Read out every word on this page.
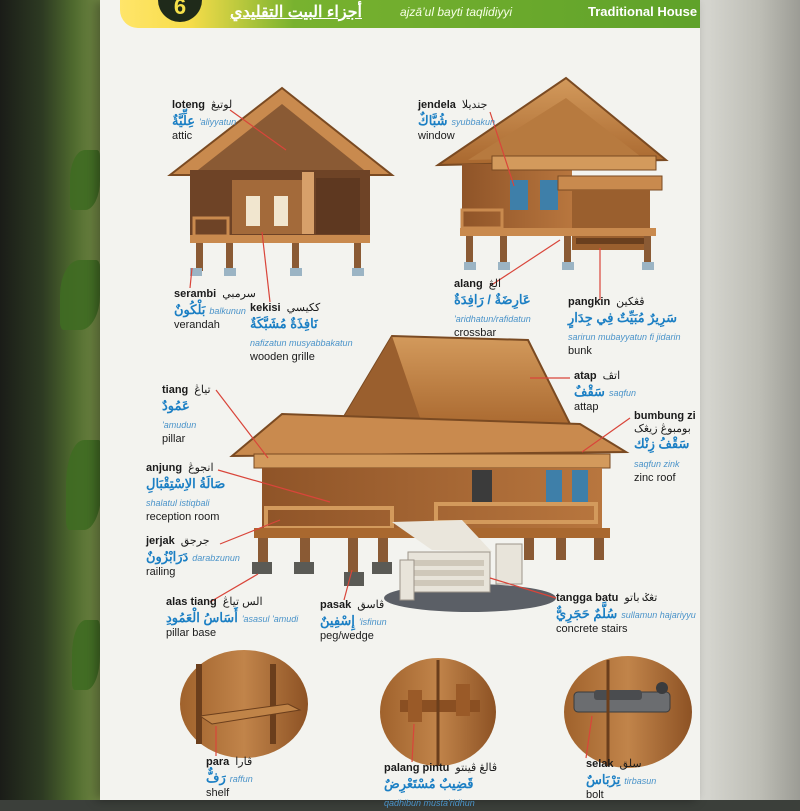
6	أجزاء البيت التقليدي	ajzā’ul bayti taqlidiyyi	Traditional House
loteng لوتيڠ
عِلِّيَّةٌ 'aliyyatun
attic
jendela جنديلا
شُبَّاكٌ syubbakun
window
serambi سرمبي
بَلْكُونٌ balkunun
verandah
kekisi ككيسي
نَافِذَةٌ مُشَبَّكَةٌ
nafizatun musyabbakatun
wooden grille
alang الڠ
عَارِضَةٌ / رَافِدَةٌ
'aridhatun/rafidatun
crossbar
pangkin ڤڠكين
سَرِيرٌ مُبَيِّتٌ فِي جِدَارٍ
sarirun mubayyatun fi jidarin
bunk
tiang تياڠ
عَمُودٌ
'amudun
pillar
atap اتڤ
سَقْفٌ saqfun
attap
bumbung zi
بومبوڠ زيڠک
سَقْفُ زِنْك
saqfun zink
zinc roof
anjung انجوڠ
صَالَةُ الاِسْتِقْبَالِ
shalatul istiqbali
reception room
jerjak جرجق
دَرَابْزُونٌ darabzunun
railing
alas tiang الس تياڠ
أَسَاسُ الْعَمُودِ 'asasul 'amudi
pillar base
pasak ڤاسق
إِسْفِينٌ 'isfinun
peg/wedge
tangga batu تڠݢ باتو
سُلَّمٌ حَجَرِيٌّ sullamun hajariyyu
concrete stairs
para ڤارا
رَفٌّ raffun
shelf
palang pintu ڤالڠ ڤينتو
قَضِيبٌ مُسْتَعْرِضٌ
qadhibun musta'ridhun
selak سلق
تِرْبَاسٌ tirbasun
bolt
